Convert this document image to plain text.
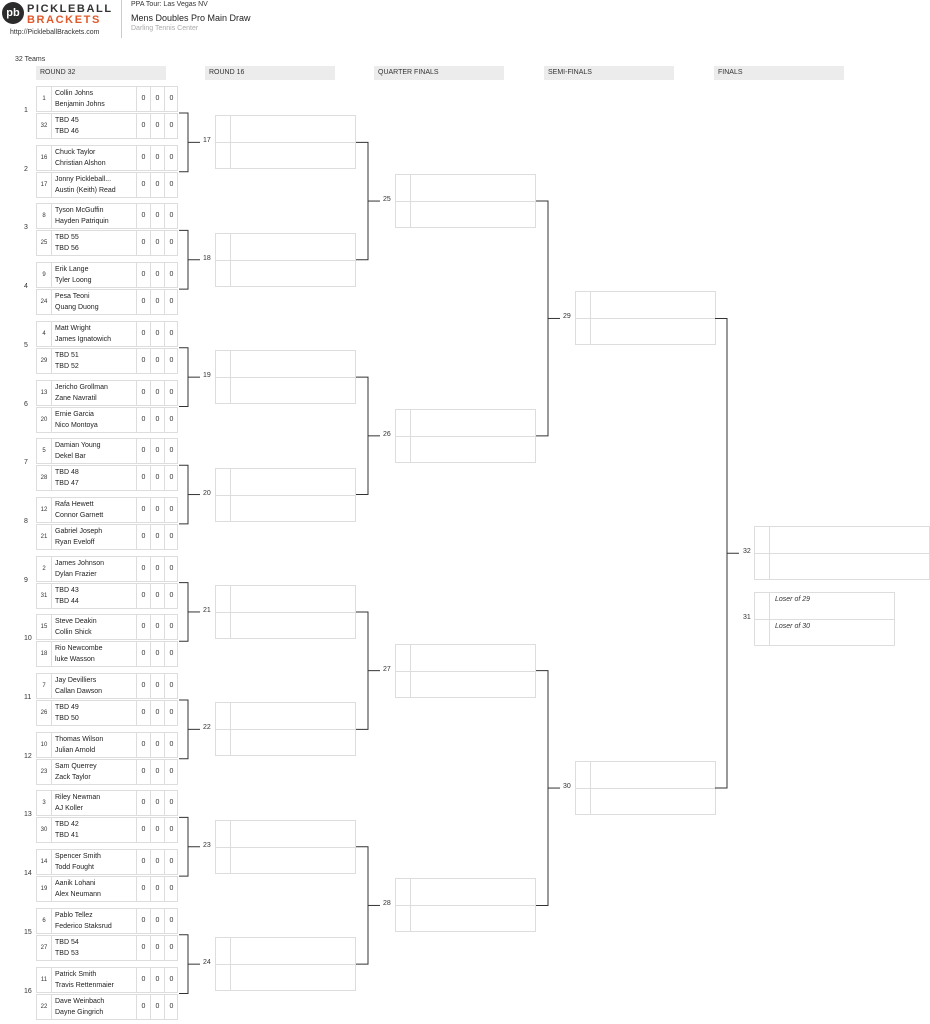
pb PICKLEBALL
BRACKETS
http://PickleballBrackets.com
PPA Tour: Las Vegas NV
Mens Doubles Pro Main Draw
Darling Tennis Center
32 Teams
ROUND 32	ROUND 16	QUARTER FINALS	SEMI-FINALS	FINALS
1
1
Collin Johns
Benjamin Johns
0	0	0
32
TBD 45
TBD 46
0	0	0
2
16
Chuck Taylor
Christian Alshon
0	0	0
17
Jonny Pickleball...
Austin (Keith) Read
0	0	0
3
8
Tyson McGuffin
Hayden Patriquin
0	0	0
25
TBD 55
TBD 56
0	0	0
4
9
Erik Lange
Tyler Loong
0	0	0
24
Pesa Teoni
Quang Duong
0	0	0
5
4
Matt Wright
James Ignatowich
0	0	0
29
TBD 51
TBD 52
0	0	0
6
13
Jericho Grollman
Zane Navratil
0	0	0
20
Ernie Garcia
Nico Montoya
0	0	0
7
5
Damian Young
Dekel Bar
0	0	0
28
TBD 48
TBD 47
0	0	0
8
12
Rafa Hewett
Connor Garnett
0	0	0
21
Gabriel Joseph
Ryan Eveloff
0	0	0
9
2
James Johnson
Dylan Frazier
0	0	0
31
TBD 43
TBD 44
0	0	0
10
15
Steve Deakin
Collin Shick
0	0	0
18
Rio Newcombe
luke Wasson
0	0	0
11
7
Jay Devilliers
Callan Dawson
0	0	0
26
TBD 49
TBD 50
0	0	0
12
10
Thomas Wilson
Julian Arnold
0	0	0
23
Sam Querrey
Zack Taylor
0	0	0
13
3
Riley Newman
AJ Koller
0	0	0
30
TBD 42
TBD 41
0	0	0
14
14
Spencer Smith
Todd Fought
0	0	0
19
Aanik Lohani
Alex Neumann
0	0	0
15
6
Pablo Tellez
Federico Staksrud
0	0	0
27
TBD 54
TBD 53
0	0	0
16
11
Patrick Smith
Travis Rettenmaier
0	0	0
22
Dave Weinbach
Dayne Gingrich
0	0	0
17
18
19
20
21
22
23
24
25
26
27
28
29
30
32
31
Loser of 29
Loser of 30
